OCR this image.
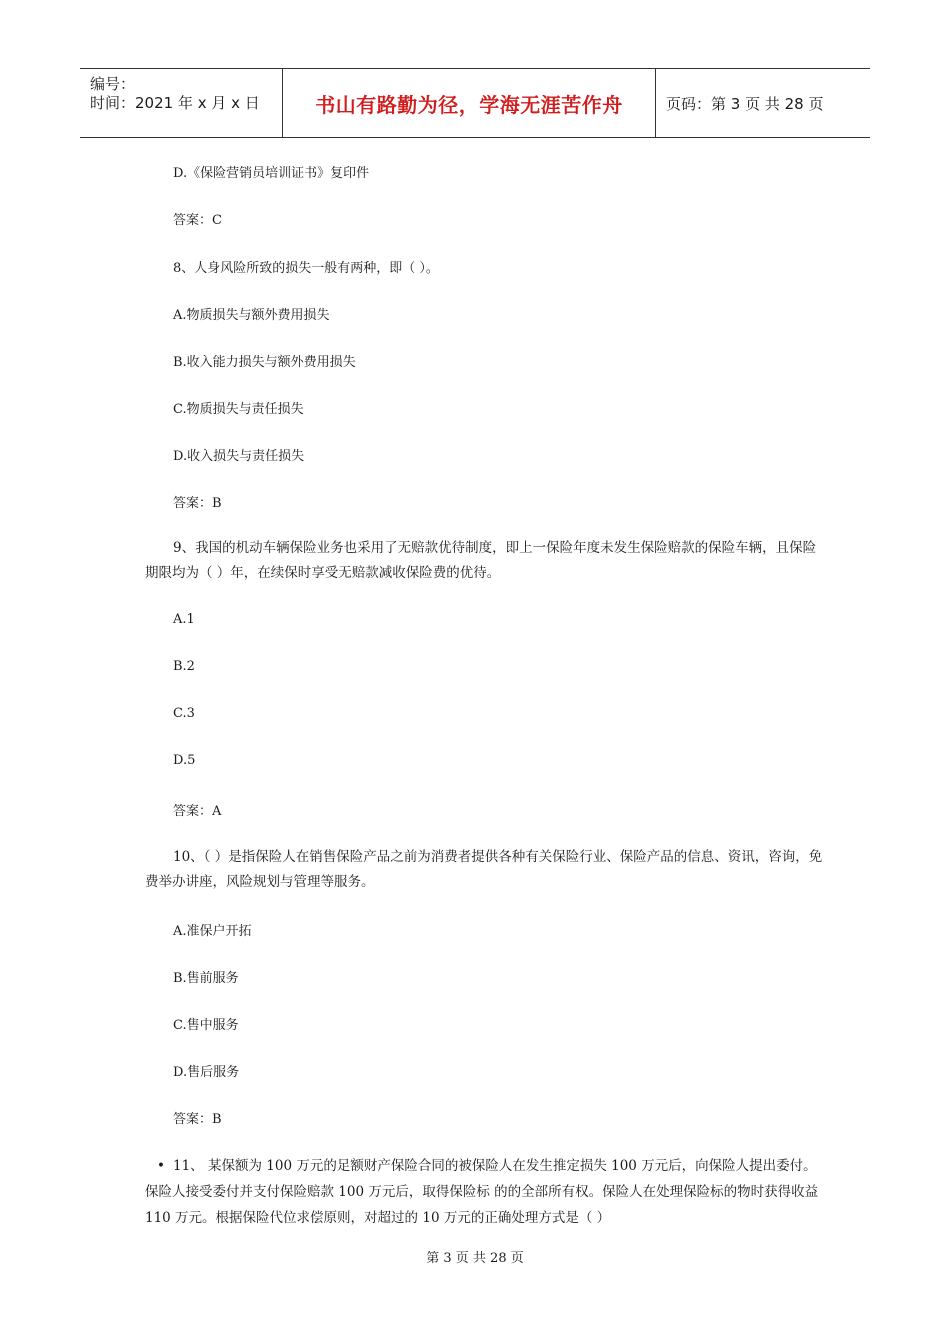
编号：
时间：2021 年 x 月 x 日	书山有路勤为径，学海无涯苦作舟	页码：第 3 页 共 28 页
D.《保险营销员培训证书》复印件
答案：C
8、人身风险所致的损失一般有两种，即（ ）。
A.物质损失与额外费用损失
B.收入能力损失与额外费用损失
C.物质损失与责任损失
D.收入损失与责任损失
答案：B
9、我国的机动车辆保险业务也采用了无赔款优待制度，即上一保险年度未发生保险赔款的保险车辆，且保险期限均为（ ）年，在续保时享受无赔款减收保险费的优待。
A.1
B.2
C.3
D.5
答案：A
10、（ ）是指保险人在销售保险产品之前为消费者提供各种有关保险行业、保险产品的信息、资讯，咨询，免费举办讲座，风险规划与管理等服务。
A.准保户开拓
B.售前服务
C.售中服务
D.售后服务
答案：B
• 11、 某保额为 100 万元的足额财产保险合同的被保险人在发生推定损失 100 万元后，向保险人提出委付。保险人接受委付并支付保险赔款 100 万元后，取得保险标 的的全部所有权。保险人在处理保险标的物时获得收益 110 万元。根据保险代位求偿原则，对超过的 10 万元的正确处理方式是（ ）
第 3 页 共 28 页
